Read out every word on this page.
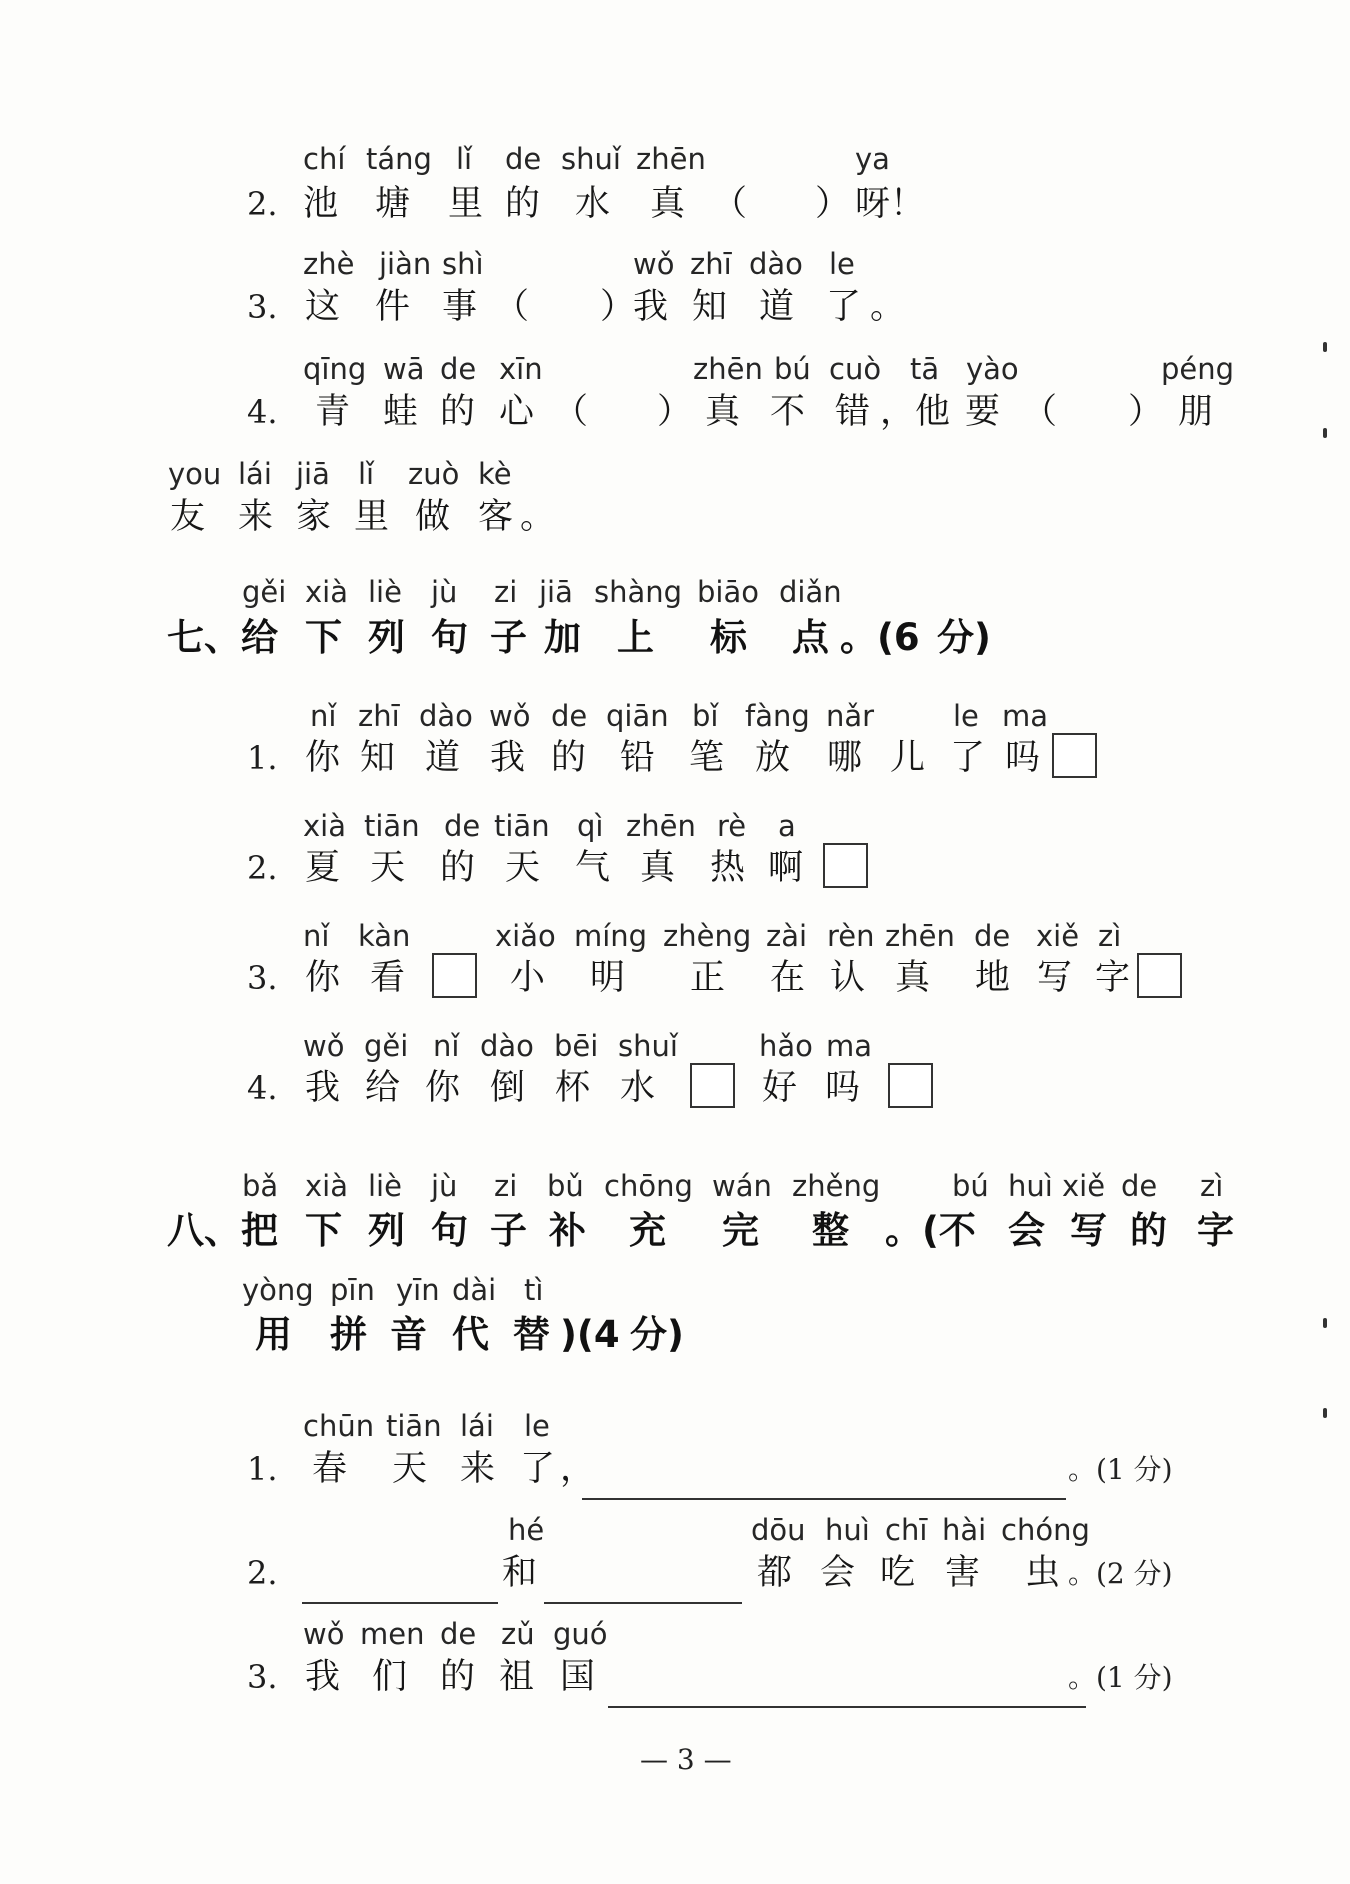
chí táng lǐ de shuǐ zhēn	ya
2. 池 塘 里 的 水 真 （ ） 呀 ！
zhè jiàn shì	wǒ zhī dào le
3. 这 件 事 （ ）
我 知 道 了 。
qīng wā de xīn	zhēn bú cuò tā yào	péng
4. 青 蛙 的 心 （ ） 真 不 错 ，他 要 （ ） 朋
you lái jiā lǐ zuò kè
友 来 家 里 做 客 。
gěi xià liè jù zi jiā shàng biāo diǎn
七、给 下 列 句 子 加 上 标 点 。(6 分)
nǐ zhī dào wǒ de qiān bǐ fàng nǎr	le ma
1. 你 知 道 我 的 铅 笔 放 哪 儿 了 吗
xià tiān de tiān qì zhēn rè a
2. 夏 天 的 天 气 真 热 啊
nǐ kàn	xiǎo míng zhèng zài rèn zhēn de xiě zì
3. 你 看	小 明 正 在 认 真 地 写 字
wǒ gěi nǐ dào bēi shuǐ	hǎo ma
4. 我 给 你 倒 杯 水	好 吗
bǎ xià liè jù zi bǔ chōng wán zhěng bú huì xiě de zì
八、把 下 列 句 子 补 充 完 整 。(不 会 写 的 字
yòng pīn yīn dài tì
用 拼 音 代 替 )(4 分)
chūn tiān lái le
1. 春 天 来 了 ，	。(1 分)
hé	dōu huì chī hài chóng
2.	和	都 会 吃 害 虫 。(2 分)
wǒ men de zǔ guó
3. 我 们 的 祖 国	。(1 分)
— 3 —
